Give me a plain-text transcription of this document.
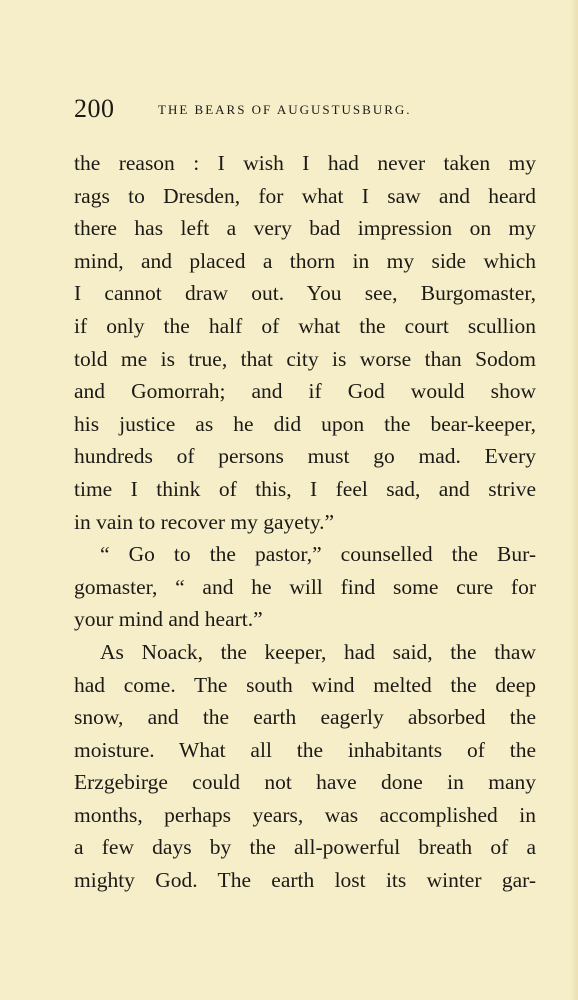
200	THE BEARS OF AUGUSTUSBURG.
the reason : I wish I had never taken my
rags to Dresden, for what I saw and heard
there has left a very bad impression on my
mind, and placed a thorn in my side which
I cannot draw out. You see, Burgomaster,
if only the half of what the court scullion
told me is true, that city is worse than Sodom
and Gomorrah; and if God would show
his justice as he did upon the bear-keeper,
hundreds of persons must go mad. Every
time I think of this, I feel sad, and strive
in vain to recover my gayety.”
“ Go to the pastor,” counselled the Bur-
gomaster, “ and he will find some cure for
your mind and heart.”
As Noack, the keeper, had said, the thaw
had come. The south wind melted the deep
snow, and the earth eagerly absorbed the
moisture. What all the inhabitants of the
Erzgebirge could not have done in many
months, perhaps years, was accomplished in
a few days by the all-powerful breath of a
mighty God. The earth lost its winter gar-
